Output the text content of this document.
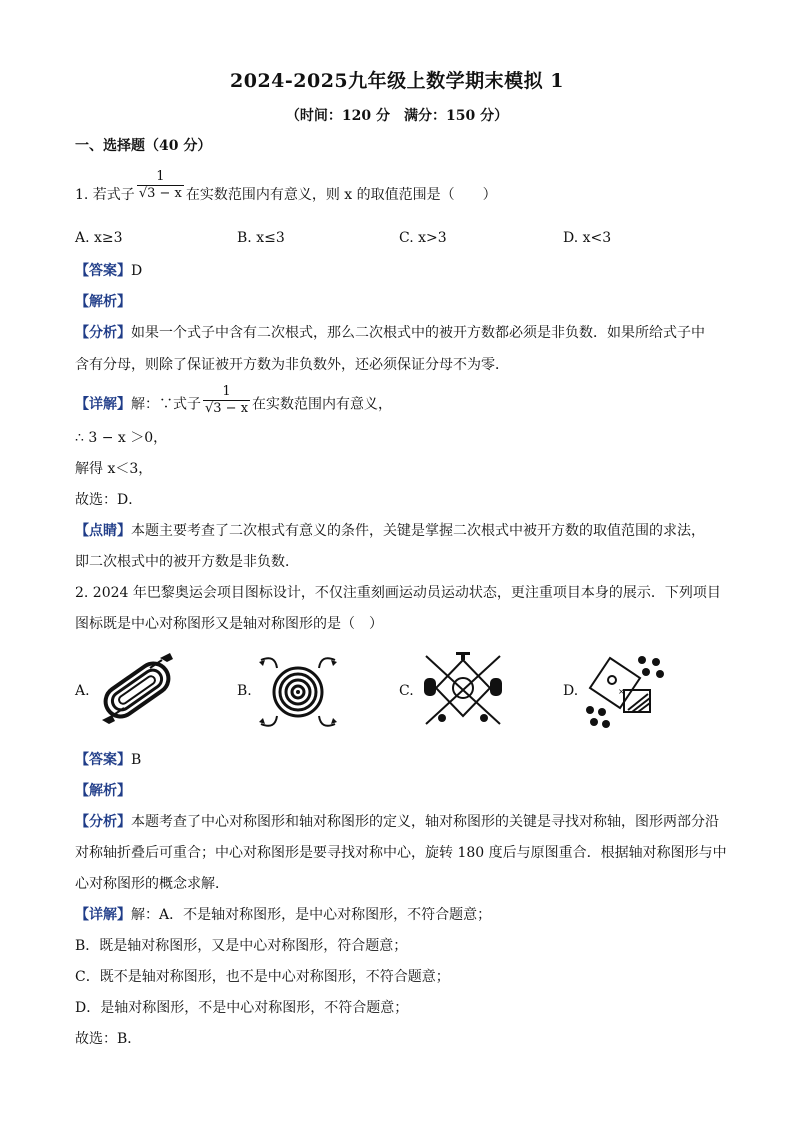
2024-2025九年级上数学期末模拟 1
（时间：120 分　满分：150 分）
一、选择题（40 分）
1. 若式子 $\frac{1}{√3 - x}$ 在实数范围内有意义，则 x 的取值范围是（　　）
A. x≥3	B. x≤3	C. x>3	D. x<3
【答案】D
【解析】
【分析】如果一个式子中含有二次根式，那么二次根式中的被开方数都必须是非负数．如果所给式子中
含有分母，则除了保证被开方数为非负数外，还必须保证分母不为零．
【详解】解：∵式子 $\frac{1}{√3 - x}$ 在实数范围内有意义，
∴ 3 − x ＞0，
解得 x＜3，
故选：D．
【点睛】本题主要考查了二次根式有意义的条件，关键是掌握二次根式中被开方数的取值范围的求法，
即二次根式中的被开方数是非负数．
2. 2024 年巴黎奥运会项目图标设计，不仅注重刻画运动员运动状态，更注重项目本身的展示．下列项目
图标既是中心对称图形又是轴对称图形的是（　）
A.	B.	C.	D.	×
【答案】B
【解析】
【分析】本题考查了中心对称图形和轴对称图形的定义，轴对称图形的关键是寻找对称轴，图形两部分沿
对称轴折叠后可重合；中心对称图形是要寻找对称中心，旋转 180 度后与原图重合．根据轴对称图形与中
心对称图形的概念求解．
【详解】解：A．不是轴对称图形，是中心对称图形，不符合题意；
B．既是轴对称图形，又是中心对称图形，符合题意；
C．既不是轴对称图形，也不是中心对称图形，不符合题意；
D．是轴对称图形，不是中心对称图形，不符合题意；
故选：B．
